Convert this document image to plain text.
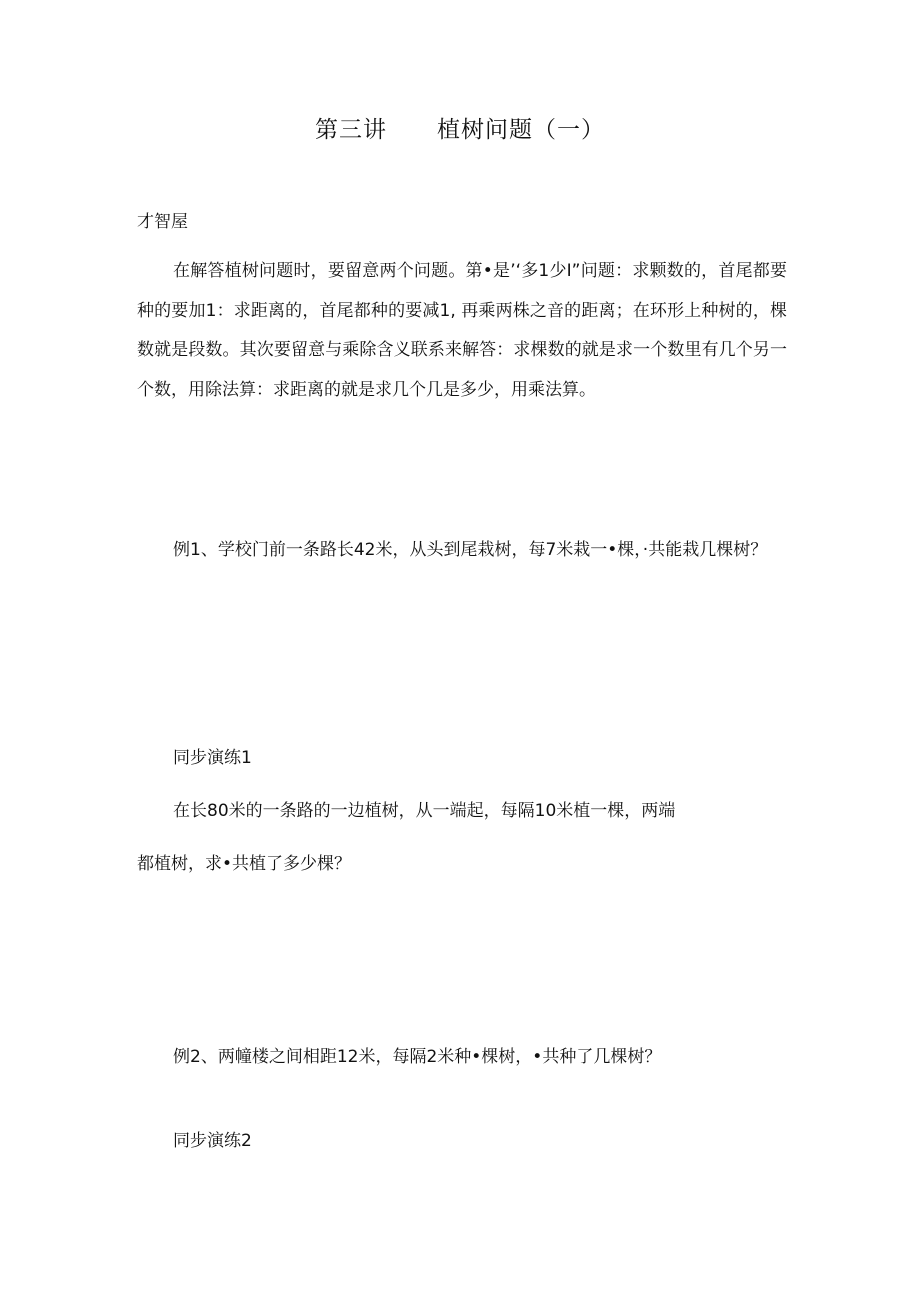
第三讲 植树问题（一）
才智屋

在解答植树问题时，要留意两个问题。第•是’‘多1少I”问题：求颗数的，首尾都要种的要加1：求距离的，首尾都种的要减1, 再乘两株之音的距离；在环形上种树的，棵数就是段数。其次要留意与乘除含义联系来解答：求棵数的就是求一个数里有几个另一个数，用除法算：求距离的就是求几个几是多少，用乘法算。

例1、学校门前一条路长42米，从头到尾栽树，每7米栽一•棵，·共能栽几棵树？

同步演练1
在长80米的一条路的一边植树，从一端起，每隔10米植一棵，两端
都植树，求•共植了多少棵？
例2、两幢楼之间相距12米，每隔2米种•棵树，•共种了几棵树？
同步演练2
